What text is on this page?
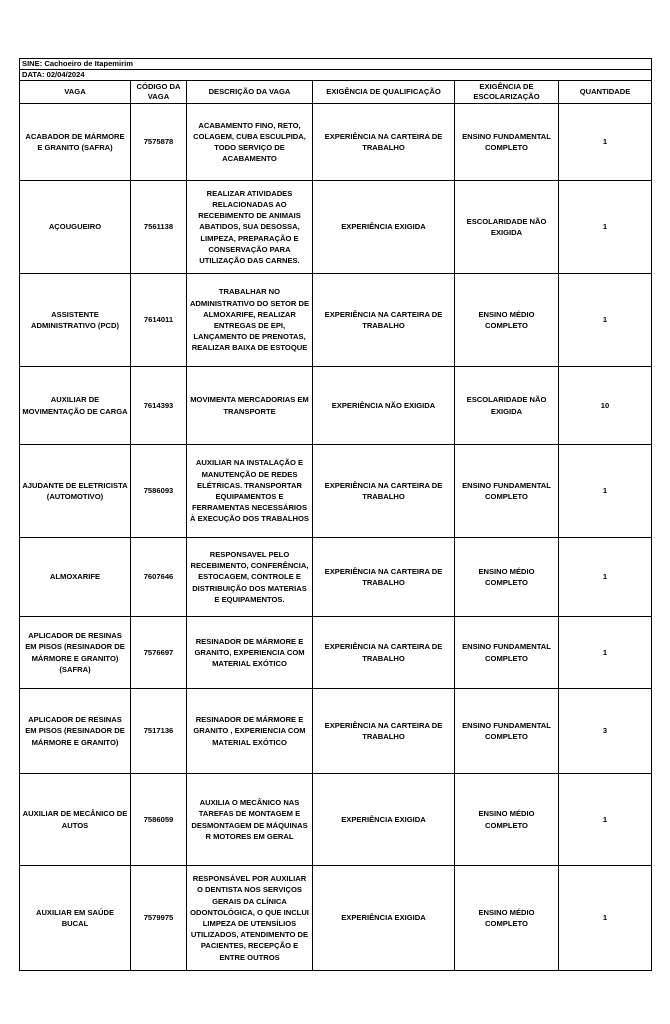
SINE: Cachoeiro de Itapemirim					
DATA: 02/04/2024					
VAGA	CÓDIGO DA VAGA	DESCRIÇÃO DA VAGA	EXIGÊNCIA DE QUALIFICAÇÃO	EXIGÊNCIA DE ESCOLARIZAÇÃO	QUANTIDADE
ACABADOR DE MÁRMORE E GRANITO (SAFRA)	7575878	ACABAMENTO FINO, RETO, COLAGEM, CUBA ESCULPIDA, TODO SERVIÇO DE ACABAMENTO	EXPERIÊNCIA NA CARTEIRA DE TRABALHO	ENSINO FUNDAMENTAL COMPLETO	1
AÇOUGUEIRO	7561138	REALIZAR ATIVIDADES RELACIONADAS AO RECEBIMENTO DE ANIMAIS ABATIDOS, SUA DESOSSA, LIMPEZA, PREPARAÇÃO E CONSERVAÇÃO PARA UTILIZAÇÃO DAS CARNES.	EXPERIÊNCIA EXIGIDA	ESCOLARIDADE NÃO EXIGIDA	1
ASSISTENTE ADMINISTRATIVO (PCD)	7614011	TRABALHAR NO ADMINISTRATIVO DO SETOR DE ALMOXARIFE, REALIZAR ENTREGAS DE EPI, LANÇAMENTO DE PRENOTAS, REALIZAR BAIXA DE ESTOQUE	EXPERIÊNCIA NA CARTEIRA DE TRABALHO	ENSINO MÉDIO COMPLETO	1
AUXILIAR DE MOVIMENTAÇÃO DE CARGA	7614393	MOVIMENTA MERCADORIAS EM TRANSPORTE	EXPERIÊNCIA NÃO EXIGIDA	ESCOLARIDADE NÃO EXIGIDA	10
AJUDANTE DE ELETRICISTA (AUTOMOTIVO)	7586093	AUXILIAR NA INSTALAÇÃO E MANUTENÇÃO DE REDES ELÉTRICAS. TRANSPORTAR EQUIPAMENTOS E FERRAMENTAS NECESSÁRIOS À EXECUÇÃO DOS TRABALHOS	EXPERIÊNCIA NA CARTEIRA DE TRABALHO	ENSINO FUNDAMENTAL COMPLETO	1
ALMOXARIFE	7607646	RESPONSAVEL PELO RECEBIMENTO, CONFERÊNCIA, ESTOCAGEM, CONTROLE E DISTRIBUIÇÃO DOS MATERIAS E EQUIPAMENTOS.	EXPERIÊNCIA NA CARTEIRA DE TRABALHO	ENSINO MÉDIO COMPLETO	1
APLICADOR DE RESINAS EM PISOS (RESINADOR DE MÁRMORE E GRANITO) (SAFRA)	7576697	RESINADOR DE MÁRMORE E GRANITO, EXPERIENCIA COM MATERIAL EXÓTICO	EXPERIÊNCIA NA CARTEIRA DE TRABALHO	ENSINO FUNDAMENTAL COMPLETO	1
APLICADOR DE RESINAS EM PISOS (RESINADOR DE MÁRMORE E GRANITO)	7517136	RESINADOR DE MÁRMORE E GRANITO , EXPERIENCIA COM MATERIAL EXÓTICO	EXPERIÊNCIA NA CARTEIRA DE TRABALHO	ENSINO FUNDAMENTAL COMPLETO	3
AUXILIAR DE MECÂNICO DE AUTOS	7586059	AUXILIA O MECÂNICO NAS TAREFAS DE MONTAGEM E DESMONTAGEM DE MÁQUINAS R MOTORES EM GERAL	EXPERIÊNCIA EXIGIDA	ENSINO MÉDIO COMPLETO	1
AUXILIAR EM SAÚDE BUCAL	7579975	RESPONSÁVEL POR AUXILIAR O DENTISTA NOS SERVIÇOS GERAIS DA CLÍNICA ODONTOLÓGICA, O QUE INCLUI LIMPEZA DE UTENSÍLIOS UTILIZADOS, ATENDIMENTO DE PACIENTES, RECEPÇÃO E ENTRE OUTROS	EXPERIÊNCIA EXIGIDA	ENSINO MÉDIO COMPLETO	1
